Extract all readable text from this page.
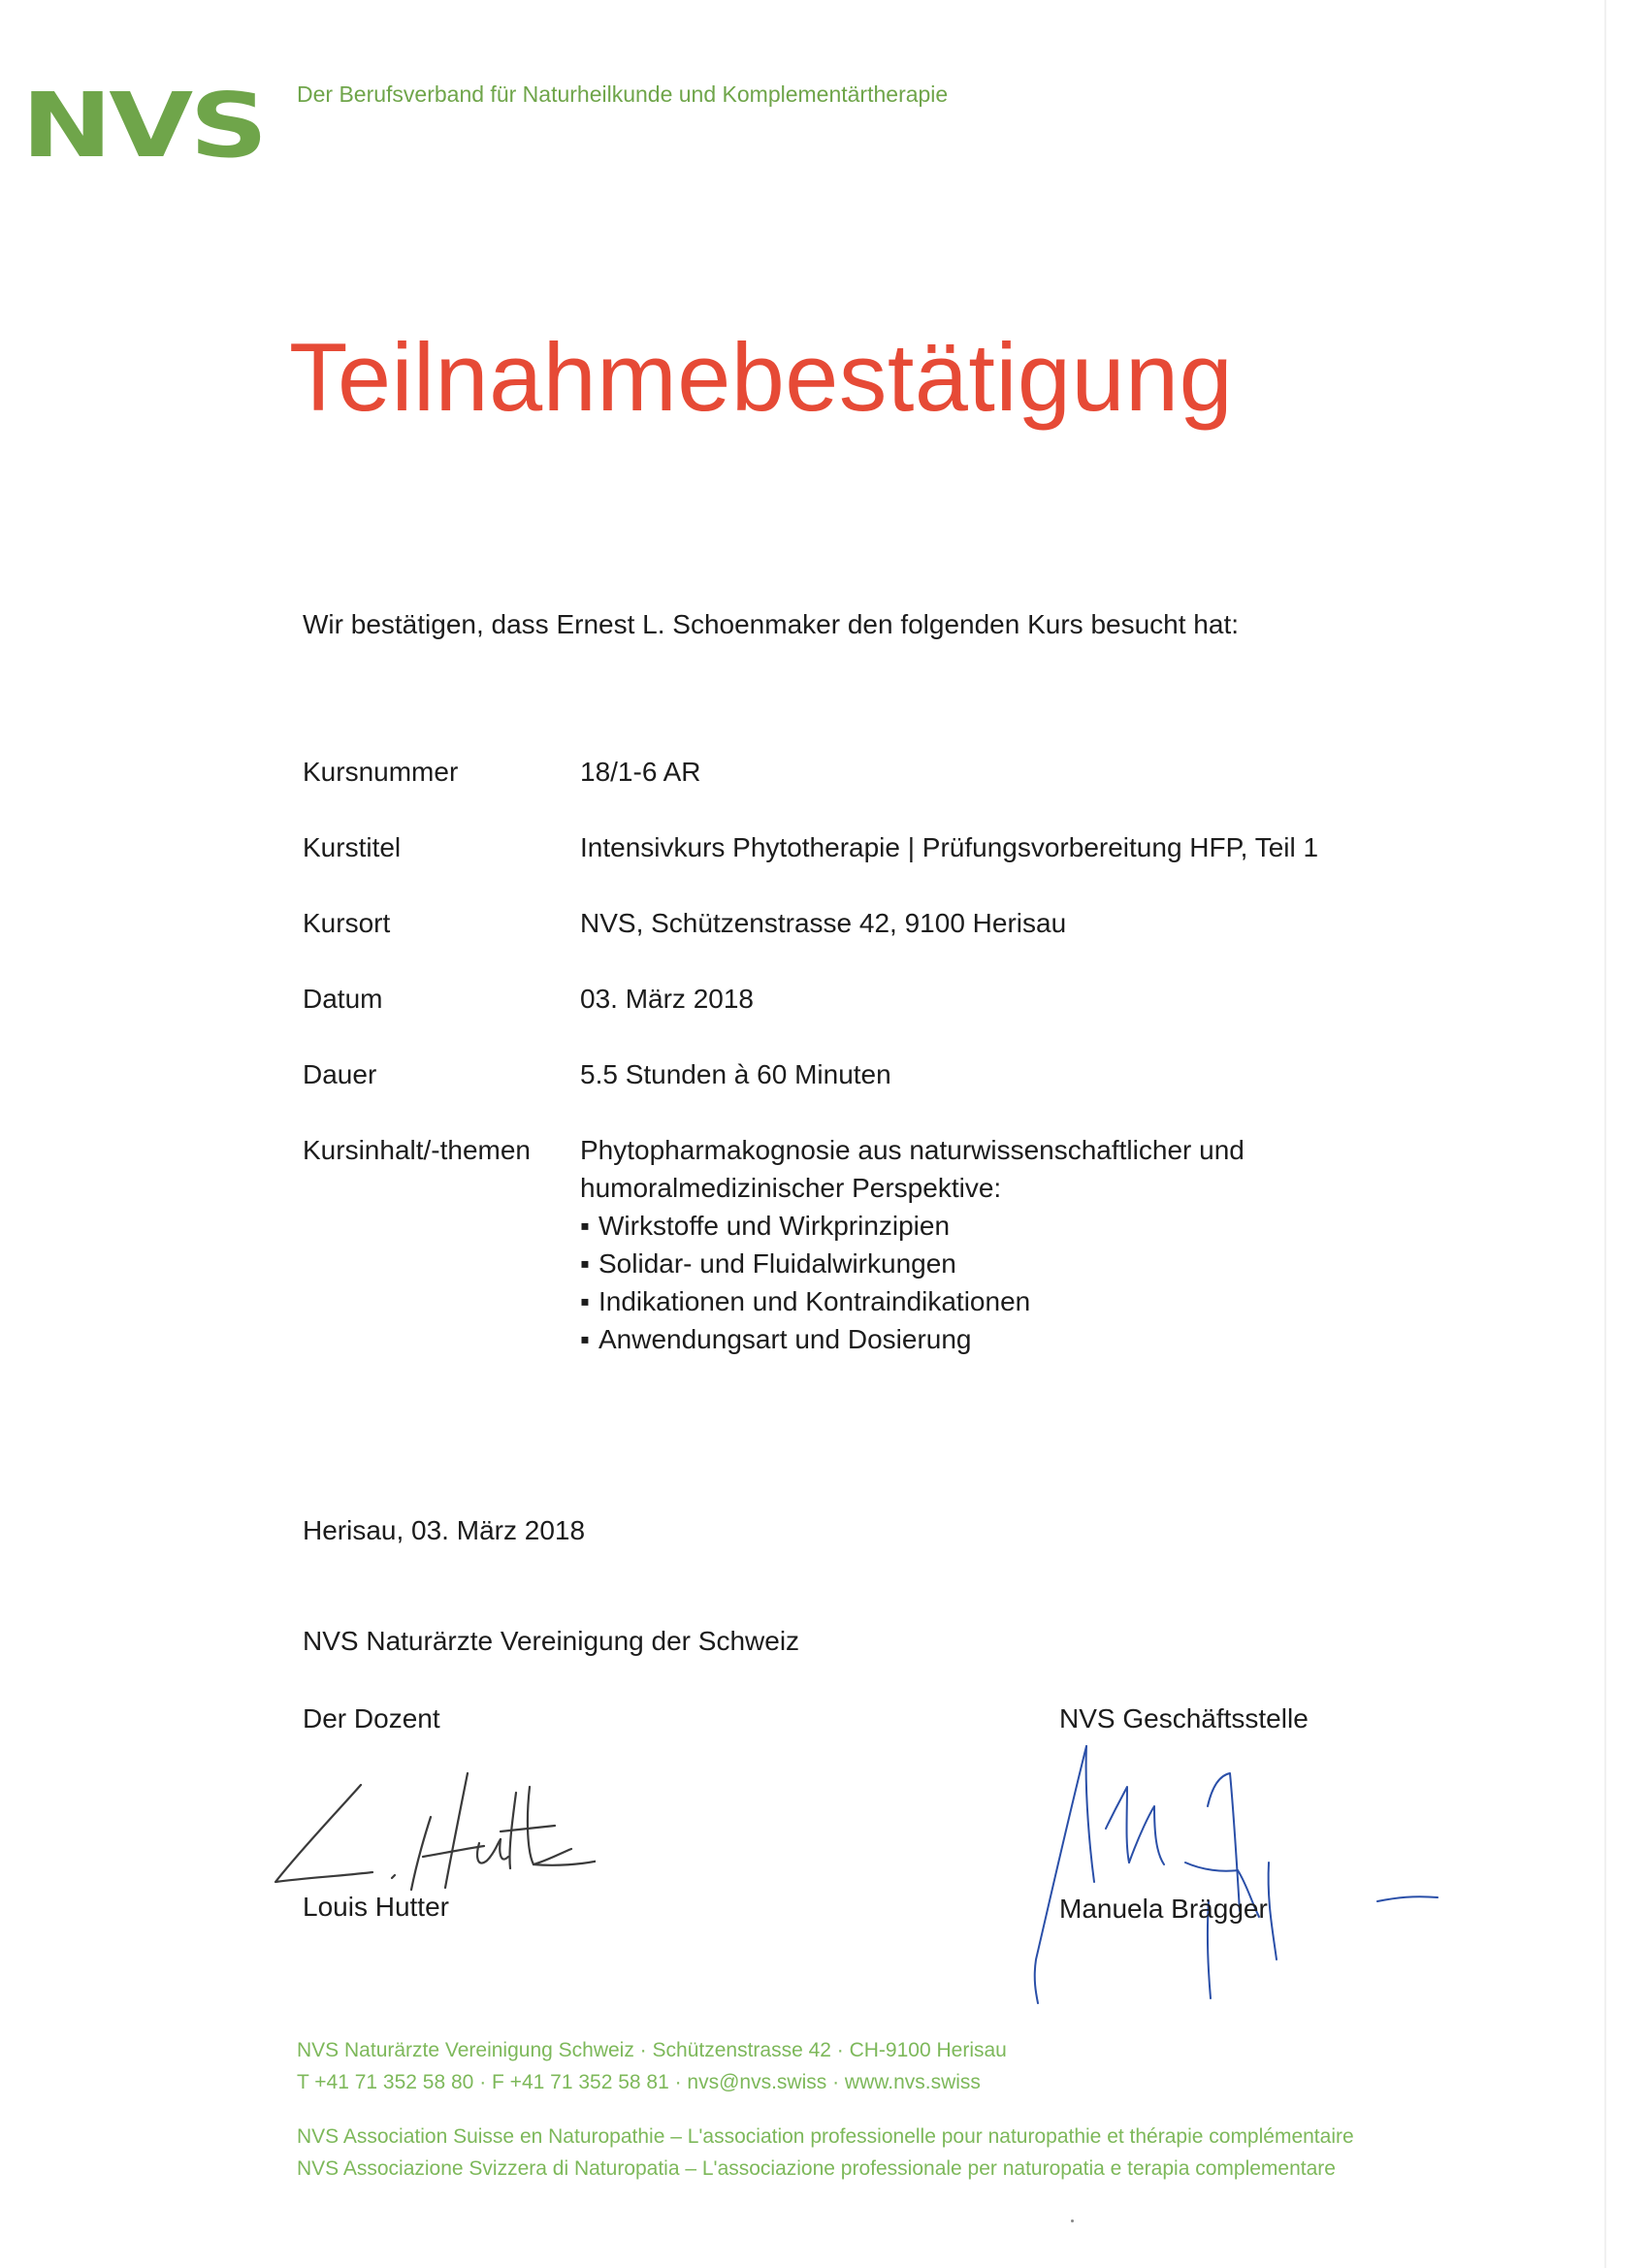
NVS Der Berufsverband für Naturheilkunde und Komplementärtherapie
Teilnahmebestätigung
Wir bestätigen, dass Ernest L. Schoenmaker den folgenden Kurs besucht hat:
Kursnummer	18/1-6 AR
Kurstitel	Intensivkurs Phytotherapie | Prüfungsvorbereitung HFP, Teil 1
Kursort	NVS, Schützenstrasse 42, 9100 Herisau
Datum	03. März 2018
Dauer	5.5 Stunden à 60 Minuten
Kursinhalt/-themen Phytopharmakognosie aus naturwissenschaftlicher und
humoralmedizinischer Perspektive:
▪ Wirkstoffe und Wirkprinzipien
▪ Solidar- und Fluidalwirkungen
▪ Indikationen und Kontraindikationen
▪ Anwendungsart und Dosierung
Herisau, 03. März 2018
NVS Naturärzte Vereinigung der Schweiz
Der Dozent	NVS Geschäftsstelle
Louis Hutter	Manuela Brägger
NVS Naturärzte Vereinigung Schweiz · Schützenstrasse 42 · CH-9100 Herisau
T +41 71 352 58 80 · F +41 71 352 58 81 · nvs@nvs.swiss · www.nvs.swiss
NVS Association Suisse en Naturopathie – L'association professionelle pour naturopathie et thérapie complémentaire
NVS Associazione Svizzera di Naturopatia – L'associazione professionale per naturopatia e terapia complementare
